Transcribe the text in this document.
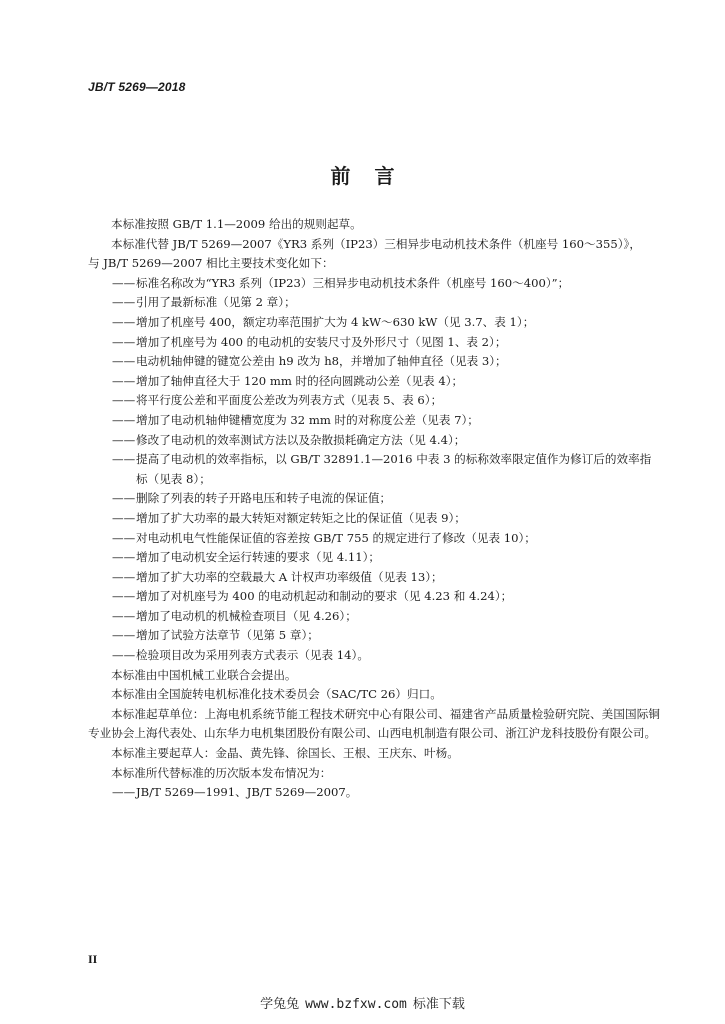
JB/T 5269—2018
前言

本标准按照 GB/T 1.1—2009 给出的规则起草。

本标准代替 JB/T 5269—2007《YR3 系列（IP23）三相异步电动机技术条件（机座号 160～355）》，

与 JB/T 5269—2007 相比主要技术变化如下：

——标准名称改为“YR3 系列（IP23）三相异步电动机技术条件（机座号 160～400）”；

——引用了最新标准（见第 2 章）；

——增加了机座号 400，额定功率范围扩大为 4 kW～630 kW（见 3.7、表 1）；

——增加了机座号为 400 的电动机的安装尺寸及外形尺寸（见图 1、表 2）；

——电动机轴伸键的键宽公差由 h9 改为 h8，并增加了轴伸直径（见表 3）；

——增加了轴伸直径大于 120 mm 时的径向圆跳动公差（见表 4）；

——将平行度公差和平面度公差改为列表方式（见表 5、表 6）；

——增加了电动机轴伸键槽宽度为 32 mm 时的对称度公差（见表 7）；

——修改了电动机的效率测试方法以及杂散损耗确定方法（见 4.4）；

——提高了电动机的效率指标，以 GB/T 32891.1—2016 中表 3 的标称效率限定值作为修订后的效率指标（见表 8）；

——删除了列表的转子开路电压和转子电流的保证值；

——增加了扩大功率的最大转矩对额定转矩之比的保证值（见表 9）；

——对电动机电气性能保证值的容差按 GB/T 755 的规定进行了修改（见表 10）；

——增加了电动机安全运行转速的要求（见 4.11）；

——增加了扩大功率的空载最大 A 计权声功率级值（见表 13）；

——增加了对机座号为 400 的电动机起动和制动的要求（见 4.23 和 4.24）；

——增加了电动机的机械检查项目（见 4.26）；

——增加了试验方法章节（见第 5 章）；

——检验项目改为采用列表方式表示（见表 14）。

本标准由中国机械工业联合会提出。

本标准由全国旋转电机标准化技术委员会（SAC/TC 26）归口。

本标准起草单位：上海电机系统节能工程技术研究中心有限公司、福建省产品质量检验研究院、美国国际铜专业协会上海代表处、山东华力电机集团股份有限公司、山西电机制造有限公司、浙江沪龙科技股份有限公司。

本标准主要起草人：金晶、黄先锋、徐国长、王根、王庆东、叶杨。

本标准所代替标准的历次版本发布情况为：

——JB/T 5269—1991、JB/T 5269—2007。

II
学兔兔 www.bzfxw.com 标准下载
